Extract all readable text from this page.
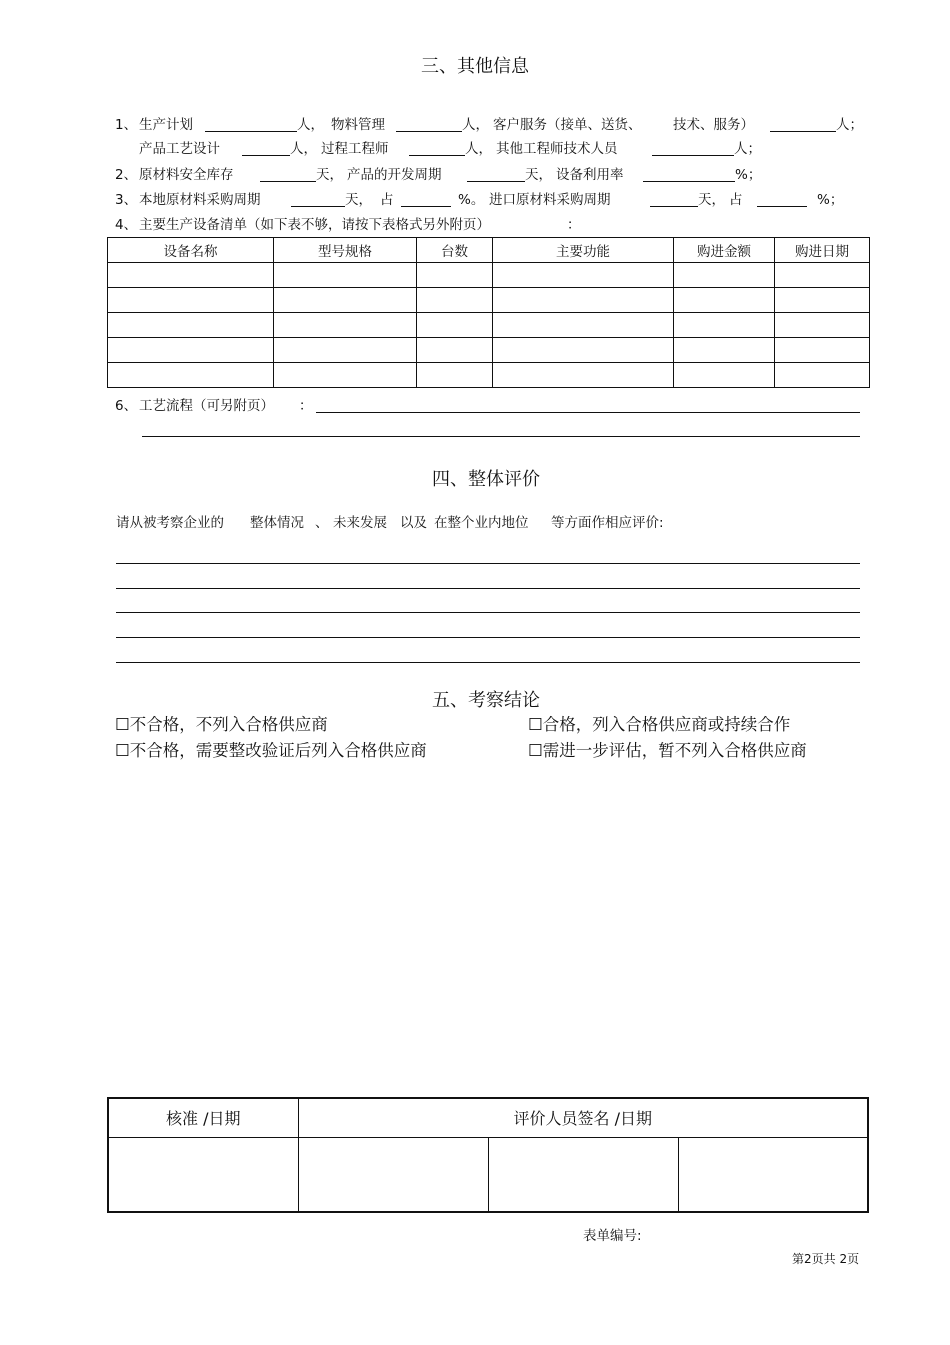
三、其他信息
1、 生产计划	人， 物料管理	人， 客户服务（接单、送货、 技术、服务）	人；
产品工艺设计	人， 过程工程师	人， 其他工程师技术人员	人；
2、 原材料安全库存	天， 产品的开发周期	天， 设备利用率	%；
3、 本地原材料采购周期	天， 占	%。 进口原材料采购周期	天， 占	%；
4、 主要生产设备清单（如下表不够，请按下表格式另外附页）	：
设备名称	型号规格	台数	主要功能	购进金额	购进日期

6、 工艺流程（可另附页） ：
四、整体评价
请从被考察企业的 整体情况 、 未来发展 以及 在整个业内地位 等方面作相应评价:
五、考察结论
☐不合格，不列入合格供应商	☐合格，列入合格供应商或持续合作
☐不合格，需要整改验证后列入合格供应商	☐需进一步评估，暂不列入合格供应商
核准 /日期	评价人员签名 /日期		

表单编号:
第2页共 2页
